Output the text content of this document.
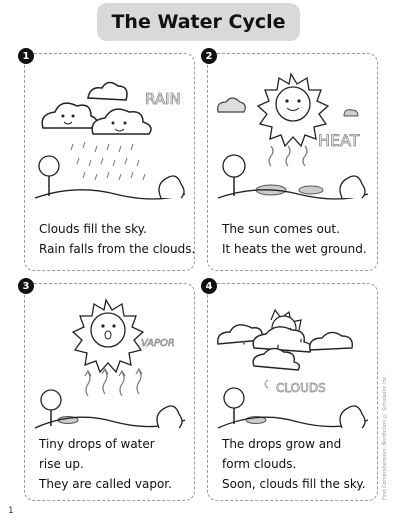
The Water Cycle
1
RAIN
Clouds fill the sky.
Rain falls from the clouds.
2
HEAT
The sun comes out.
It heats the wet ground.
3
VAPOR
Tiny drops of water
rise up.
They are called vapor.
4
CLOUDS
The drops grow and
form clouds.
Soon, clouds fill the sky.	First Comprehension: Nonfiction © Scholastic Inc.
1
